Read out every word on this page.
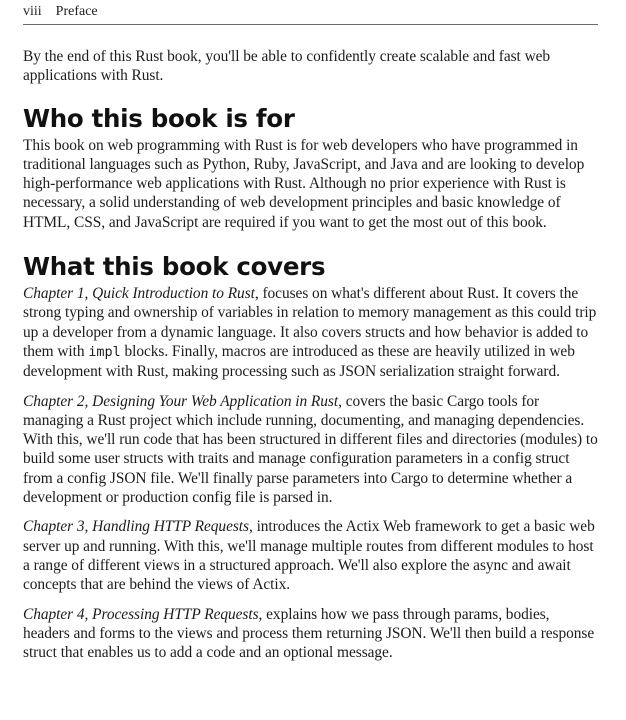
viii Preface

By the end of this Rust book, you'll be able to confidently create scalable and fast web applications with Rust.

Who this book is for

This book on web programming with Rust is for web developers who have programmed in traditional languages such as Python, Ruby, JavaScript, and Java and are looking to develop high-performance web applications with Rust. Although no prior experience with Rust is necessary, a solid understanding of web development principles and basic knowledge of HTML, CSS, and JavaScript are required if you want to get the most out of this book.

What this book covers

Chapter 1, Quick Introduction to Rust, focuses on what's different about Rust. It covers the strong typing and ownership of variables in relation to memory management as this could trip up a developer from a dynamic language. It also covers structs and how behavior is added to them with impl blocks. Finally, macros are introduced as these are heavily utilized in web development with Rust, making processing such as JSON serialization straight forward.

Chapter 2, Designing Your Web Application in Rust, covers the basic Cargo tools for managing a Rust project which include running, documenting, and managing dependencies. With this, we'll run code that has been structured in different files and directories (modules) to build some user structs with traits and manage configuration parameters in a config struct from a config JSON file. We'll finally parse parameters into Cargo to determine whether a development or production config file is parsed in.

Chapter 3, Handling HTTP Requests, introduces the Actix Web framework to get a basic web server up and running. With this, we'll manage multiple routes from different modules to host a range of different views in a structured approach. We'll also explore the async and await concepts that are behind the views of Actix.

Chapter 4, Processing HTTP Requests, explains how we pass through params, bodies, headers and forms to the views and process them returning JSON. We'll then build a response struct that enables us to add a code and an optional message.
